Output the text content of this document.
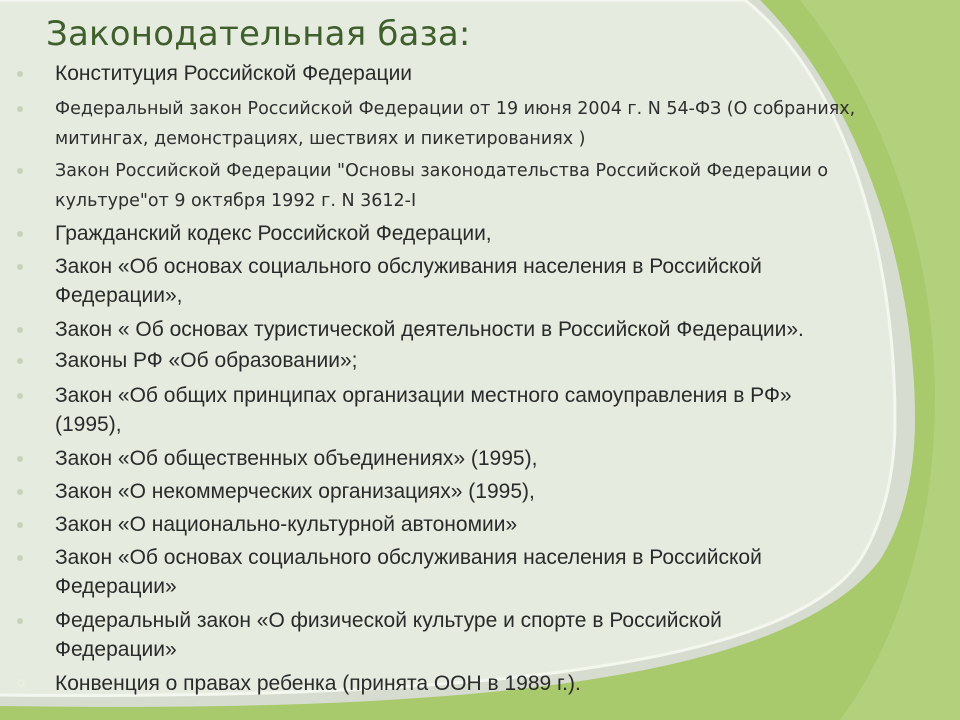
Законодательная база:
Конституция Российской Федерации
Федеральный закон Российской Федерации от 19 июня 2004 г. N 54-ФЗ (О собраниях,
митингах, демонстрациях, шествиях и пикетированиях )
Закон Российской Федерации "Основы законодательства Российской Федерации о
культуре"от 9 октября 1992 г. N 3612-I
Гражданский кодекс Российской Федерации,
Закон «Об основах социального обслуживания населения в Российской
Федерации»,
Закон « Об основах туристической деятельности в Российской Федерации».
Законы РФ «Об образовании»;
Закон «Об общих принципах организации местного самоуправления в РФ»
(1995),
Закон «Об общественных объединениях» (1995),
Закон «О некоммерческих организациях» (1995),
Закон «О национально-культурной автономии»
Закон «Об основах социального обслуживания населения в Российской
Федерации»
Федеральный закон «О физической культуре и спорте в Российской
Федерации»
Конвенция о правах ребенка (принята ООН в 1989 г.).
